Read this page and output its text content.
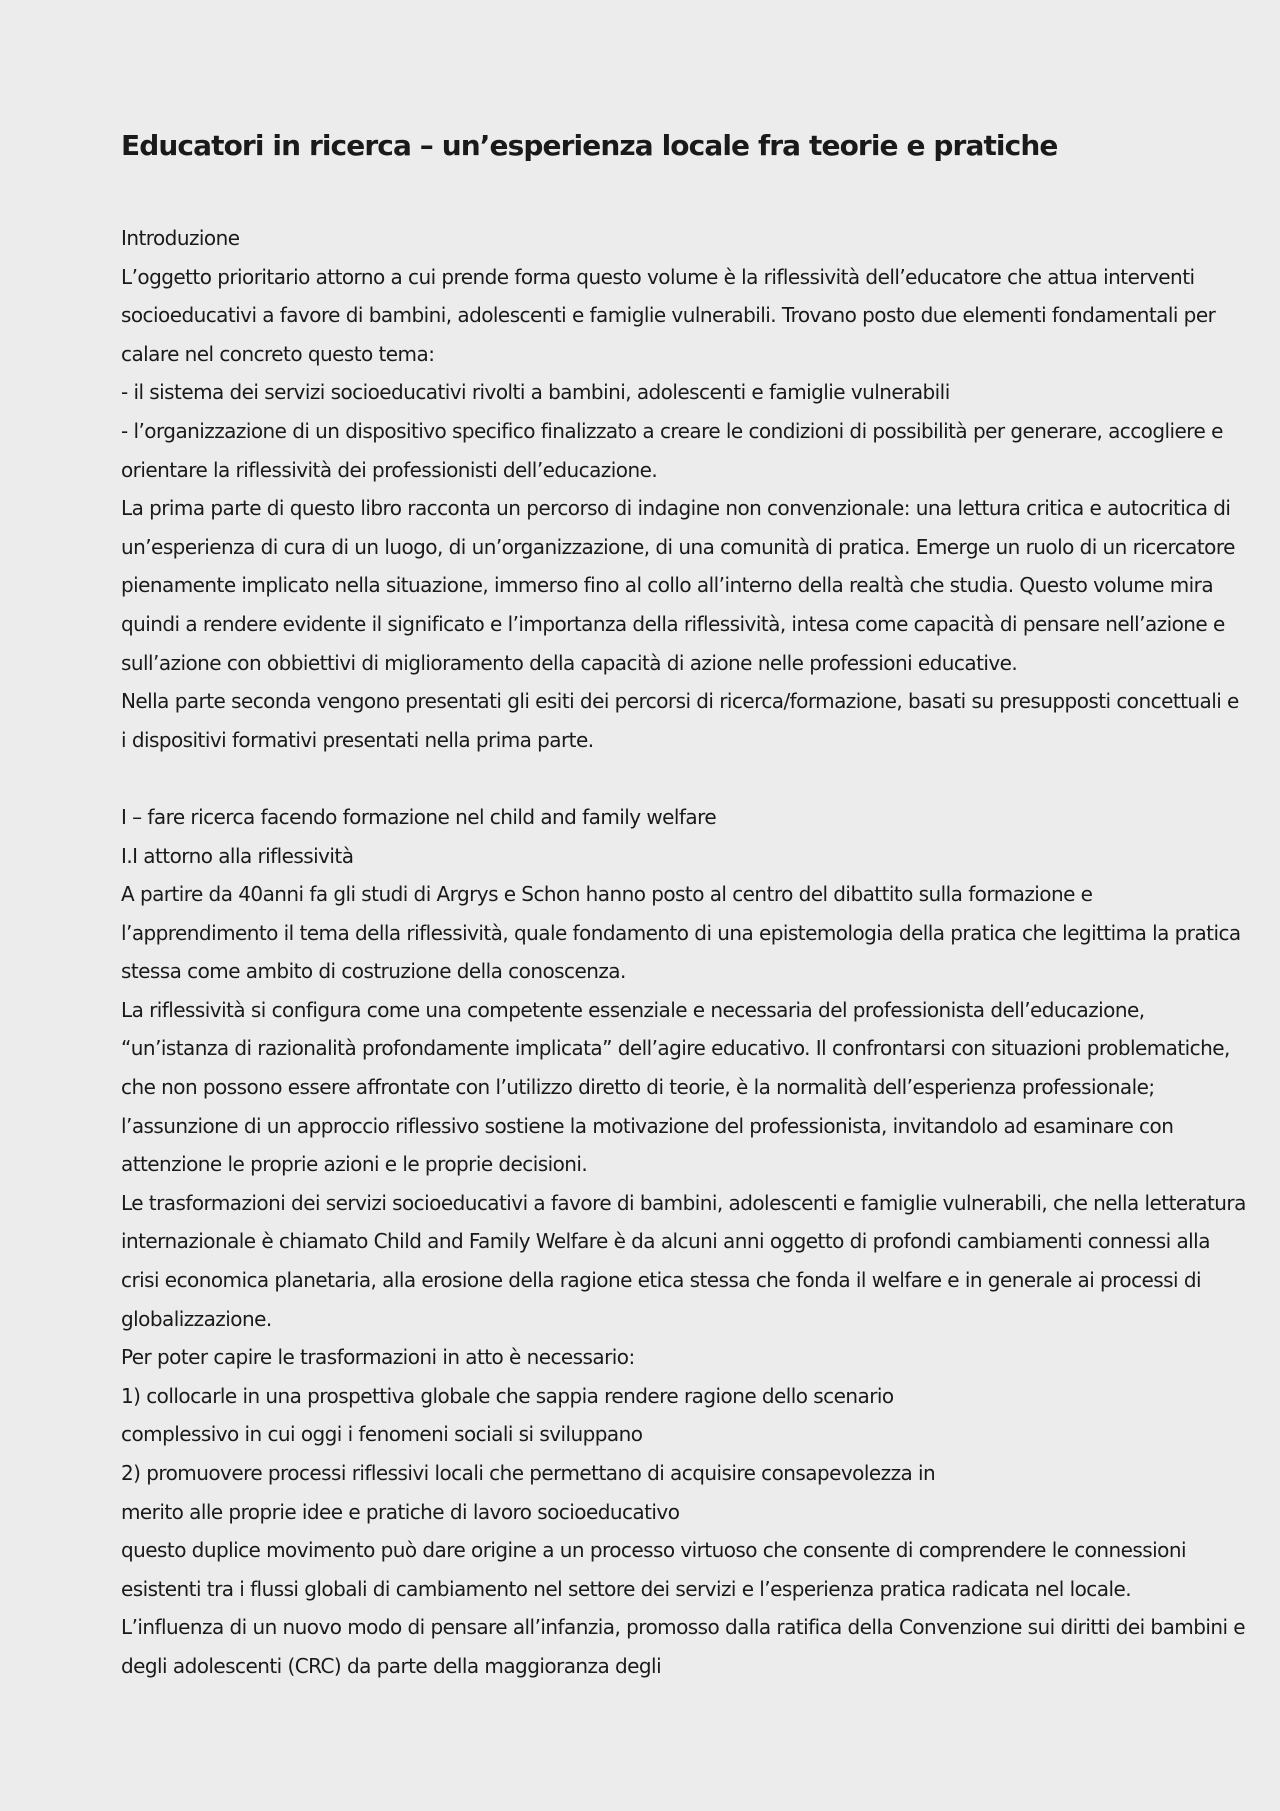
Educatori in ricerca – un’esperienza locale fra teorie e pratiche
Introduzione
L’oggetto prioritario attorno a cui prende forma questo volume è la riflessività dell’educatore che attua interventi
socioeducativi a favore di bambini, adolescenti e famiglie vulnerabili. Trovano posto due elementi fondamentali per
calare nel concreto questo tema:
- il sistema dei servizi socioeducativi rivolti a bambini, adolescenti e famiglie vulnerabili
- l’organizzazione di un dispositivo specifico finalizzato a creare le condizioni di possibilità per generare, accogliere e
orientare la riflessività dei professionisti dell’educazione.
La prima parte di questo libro racconta un percorso di indagine non convenzionale: una lettura critica e autocritica di
un’esperienza di cura di un luogo, di un’organizzazione, di una comunità di pratica. Emerge un ruolo di un ricercatore
pienamente implicato nella situazione, immerso fino al collo all’interno della realtà che studia. Questo volume mira
quindi a rendere evidente il significato e l’importanza della riflessività, intesa come capacità di pensare nell’azione e
sull’azione con obbiettivi di miglioramento della capacità di azione nelle professioni educative.
Nella parte seconda vengono presentati gli esiti dei percorsi di ricerca/formazione, basati su presupposti concettuali e
i dispositivi formativi presentati nella prima parte.
I – fare ricerca facendo formazione nel child and family welfare
I.I attorno alla riflessività
A partire da 40anni fa gli studi di Argrys e Schon hanno posto al centro del dibattito sulla formazione e
l’apprendimento il tema della riflessività, quale fondamento di una epistemologia della pratica che legittima la pratica
stessa come ambito di costruzione della conoscenza.
La riflessività si configura come una competente essenziale e necessaria del professionista dell’educazione,
“un’istanza di razionalità profondamente implicata” dell’agire educativo. Il confrontarsi con situazioni problematiche,
che non possono essere affrontate con l’utilizzo diretto di teorie, è la normalità dell’esperienza professionale;
l’assunzione di un approccio riflessivo sostiene la motivazione del professionista, invitandolo ad esaminare con
attenzione le proprie azioni e le proprie decisioni.
Le trasformazioni dei servizi socioeducativi a favore di bambini, adolescenti e famiglie vulnerabili, che nella letteratura
internazionale è chiamato Child and Family Welfare è da alcuni anni oggetto di profondi cambiamenti connessi alla
crisi economica planetaria, alla erosione della ragione etica stessa che fonda il welfare e in generale ai processi di
globalizzazione.
Per poter capire le trasformazioni in atto è necessario:
1) collocarle in una prospettiva globale che sappia rendere ragione dello scenario
complessivo in cui oggi i fenomeni sociali si sviluppano
2) promuovere processi riflessivi locali che permettano di acquisire consapevolezza in
merito alle proprie idee e pratiche di lavoro socioeducativo
questo duplice movimento può dare origine a un processo virtuoso che consente di comprendere le connessioni
esistenti tra i flussi globali di cambiamento nel settore dei servizi e l’esperienza pratica radicata nel locale.
L’influenza di un nuovo modo di pensare all’infanzia, promosso dalla ratifica della Convenzione sui diritti dei bambini e
degli adolescenti (CRC) da parte della maggioranza degli
